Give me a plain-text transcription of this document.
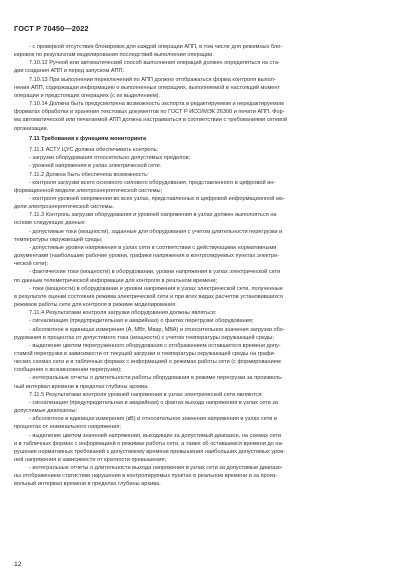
ГОСТ Р 70450—2022

- с проверкой отсутствия блокировок для каждой операции АПП, в том числе для режимных бло-

кировок по результатам моделирования последствий выполнения операции.

7.10.12 Ручной или автоматический способ выполнения операций должен определяться на ста-

дии создания АПП и перед запуском АПП.

7.10.13 При выполнении переключений по АПП должно отображаться форма контроля выпол-

нения АПП, содержащая информацию о выполненных операциях, выполняемой в настоящий момент

операции и предстоящих операциях (с их выделением).

7.10.14 Должна быть предусмотрена возможность экспорта в редактируемом и нередактируемом

форматах обработки и хранения текстовых документов по ГОСТ Р ИСО/МЭК 26300 и печати АПП. Фор-

ма автоматической или печатаемой АПП должна настраиваться в соответствии с требованиями сетевой

организации.

7.11 Требования к функциям мониторинга

7.11.1 АСТУ ЦУС должна обеспечивать контроль:

- загрузки оборудования относительно допустимых пределов;

- уровней напряжения в узлах электрической сети.

7.11.2 Должна быть обеспечена возможность:

- контроля загрузки всего основного силового оборудования, представленного в цифровой ин-

формационной модели электроэнергетической системы;

- контроля уровней напряжения во всех узлах, представленных в цифровой информационной мо-

дели электроэнергетической системы.

7.11.3 Контроль загрузки оборудования и уровней напряжения в узлах должен выполняться на

основе следующих данных:

- допустимые токи (мощности), заданные для оборудования с учетом длительности перегрузки и

температуры окружающей среды;

- допустимые уровни напряжения в узлах сети в соответствии с действующими нормативными

документами (наибольшие рабочие уровни, графики напряжения в контролируемых пунктах электри-

ческой сети);

- фактические токи (мощности) в оборудовании, уровни напряжения в узлах электрической сети

по данным телеметрической информации для контроля в реальном времени;

- токи (мощности) в оборудовании и уровни напряжения в узлах электрической сети, полученные

в результате оценки состояния режима электрической сети и при всех видах расчетов установившихся

режимов работы сети для контроля в режиме моделирования.

7.11.4 Результатами контроля загрузки оборудования должны являться:

- сигнализация (предупредительная и аварийная) о фактах перегрузки оборудования;

- абсолютное в единицах измерения (А, МВт, Мвар, МВА) и относительное значения загрузки обо-

рудования в процентах от допустимого тока (мощности) с учетом температуры окружающей среды;

- выделение цветом перегруженного оборудования с отображением оставшегося времени допу-

стимой перегрузки в зависимости от текущей загрузки и температуры окружающей среды на графи-

ческих схемах сети и в табличных формах с информацией о режимах работы сети (с формированием

сообщения о возникновении перегрузки);

- интегральные отчеты о длительности работы оборудования в режиме перегрузки за произволь-

ный интервал времени в пределах глубины архива.

7.11.5 Результатами контроля уровней напряжения в узлах электрической сети являются:

- сигнализация (предупредительная и аварийная) о фактах выхода напряжения в узлах сети за

допустимые диапазоны;

- абсолютное в единицах измерения (кВ) и относительное значения напряжения в узлах сети в

процентах от номинального напряжения;

- выделение цветом значений напряжения, выходящих за допустимый диапазон, на схемах сети

и в табличных формах с информацией о режимах работы сети, а также об оставшемся времени до на-

рушения нормативных требований к допустимому времени превышения наибольших допустимых уров-

ней напряжения в зависимости от кратности превышения;

- интегральные отчеты о длительности выхода напряжения в узлах сети за допустимые диапазо-

ны отображением статистики нарушения в контролируемых пунктах в реальном времени и за произ-

вольный интервал времени в пределах глубины архива.

12
